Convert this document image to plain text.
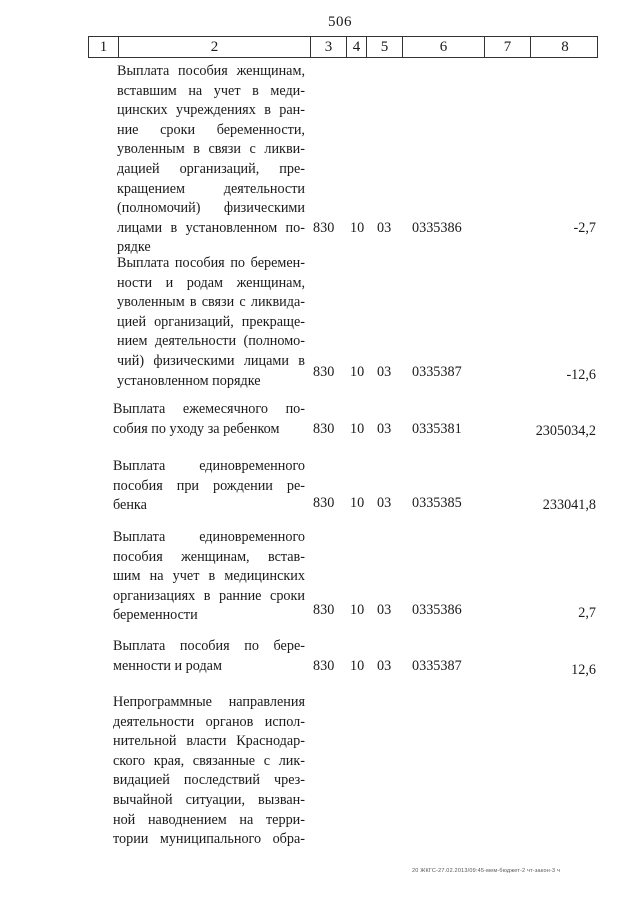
506
1	2	3	4	5	6	7	8
Выплата пособия женщинам,
вставшим на учет в меди-
цинских учреждениях в ран-
ние сроки беременности,
уволенным в связи с ликви-
дацией организаций, пре-
кращением	деятельности
(полномочий) физическими
лицами в установленном по-
рядке
830 10 03 0335386	-2,7
Выплата пособия по беремен-
ности и родам женщинам,
уволенным в связи с ликвида-
цией организаций, прекраще-
нием деятельности (полномо-
чий) физическими лицами в
установленном порядке
830 10 03 0335387	-12,6
Выплата ежемесячного по-
собия по уходу за ребенком	830 10 03 0335381	2305034,2
Выплата единовременного
пособия при рождении ре-
бенка	830 10 03 0335385	233041,8
Выплата единовременного
пособия женщинам, встав-
шим на учет в медицинских
организациях в ранние сроки
беременности	830 10 03 0335386	2,7
Выплата пособия по бере-
менности и родам	830 10 03 0335387	12,6
Непрограммные направления
деятельности органов испол-
нительной власти Краснодар-
ского края, связанные с лик-
видацией последствий чрез-
вычайной ситуации, вызван-
ной наводнением на терри-
тории муниципального обра-
20 ЖКГС-27.02.2013/09:45-мем-бюджет-2 чт-закон-3 ч
